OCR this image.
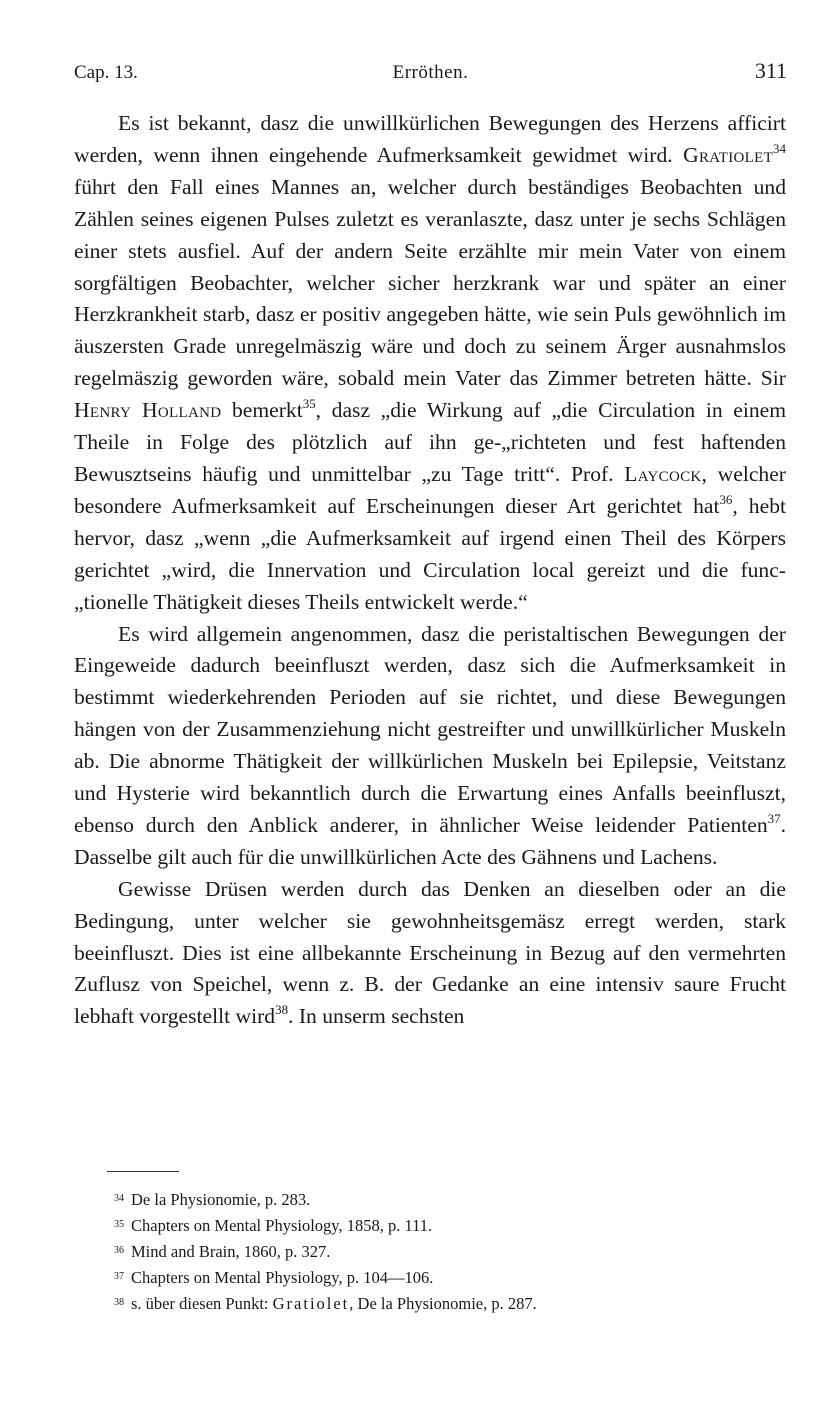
Cap. 13.	Erröthen.	311

Es ist bekannt, dasz die unwillkürlichen Bewegungen des Herzens afficirt werden, wenn ihnen eingehende Aufmerksamkeit gewidmet wird. Gratiolet$^{34}$ führt den Fall eines Mannes an, welcher durch beständiges Beobachten und Zählen seines eigenen Pulses zuletzt es veranlaszte, dasz unter je sechs Schlägen einer stets ausfiel. Auf der andern Seite erzählte mir mein Vater von einem sorgfältigen Beobachter, welcher sicher herzkrank war und später an einer Herzkrankheit starb, dasz er positiv angegeben hätte, wie sein Puls gewöhnlich im äuszersten Grade unregelmäszig wäre und doch zu seinem Ärger ausnahmslos regelmäszig geworden wäre, sobald mein Vater das Zimmer betreten hätte. Sir Henry Holland bemerkt$^{35}$, dasz „die Wirkung auf „die Circulation in einem Theile in Folge des plötzlich auf ihn ge-„richteten und fest haftenden Bewusztseins häufig und unmittelbar „zu Tage tritt“. Prof. Laycock, welcher besondere Aufmerksamkeit auf Erscheinungen dieser Art gerichtet hat$^{36}$, hebt hervor, dasz „wenn „die Aufmerksamkeit auf irgend einen Theil des Körpers gerichtet „wird, die Innervation und Circulation local gereizt und die func-„tionelle Thätigkeit dieses Theils entwickelt werde.“

Es wird allgemein angenommen, dasz die peristaltischen Bewegungen der Eingeweide dadurch beeinfluszt werden, dasz sich die Aufmerksamkeit in bestimmt wiederkehrenden Perioden auf sie richtet, und diese Bewegungen hängen von der Zusammenziehung nicht gestreifter und unwillkürlicher Muskeln ab. Die abnorme Thätigkeit der willkürlichen Muskeln bei Epilepsie, Veitstanz und Hysterie wird bekanntlich durch die Erwartung eines Anfalls beeinfluszt, ebenso durch den Anblick anderer, in ähnlicher Weise leidender Patienten$^{37}$. Dasselbe gilt auch für die unwillkürlichen Acte des Gähnens und Lachens.

Gewisse Drüsen werden durch das Denken an dieselben oder an die Bedingung, unter welcher sie gewohnheitsgemäsz erregt werden, stark beeinfluszt. Dies ist eine allbekannte Erscheinung in Bezug auf den vermehrten Zuflusz von Speichel, wenn z. B. der Gedanke an eine intensiv saure Frucht lebhaft vorgestellt wird$^{38}$. In unserm sechsten

$^{34}$ De la Physionomie, p. 283.
$^{35}$ Chapters on Mental Physiology, 1858, p. 111.
$^{36}$ Mind and Brain, 1860, p. 327.
$^{37}$ Chapters on Mental Physiology, p. 104—106.
$^{38}$ s. über diesen Punkt: Gratiolet, De la Physionomie, p. 287.
